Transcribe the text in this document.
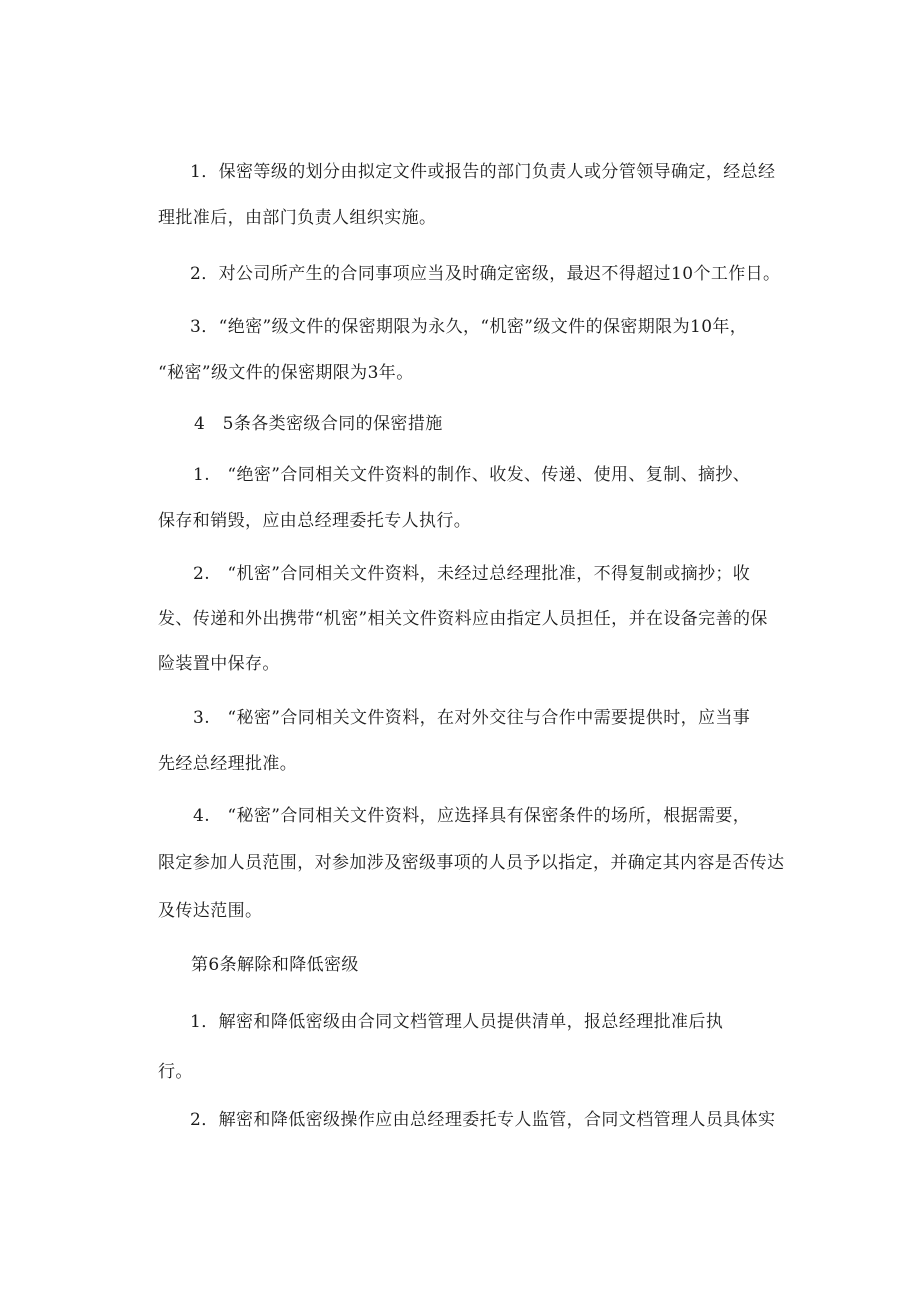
1．保密等级的划分由拟定文件或报告的部门负责人或分管领导确定，经总经
理批准后，由部门负责人组织实施。
2．对公司所产生的合同事项应当及时确定密级，最迟不得超过10个工作日。
3．“绝密”级文件的保密期限为永久，“机密”级文件的保密期限为10年，
“秘密”级文件的保密期限为3年。
4　5条各类密级合同的保密措施
1.　“绝密”合同相关文件资料的制作、收发、传递、使用、复制、摘抄、
保存和销毁，应由总经理委托专人执行。
2.　“机密”合同相关文件资料，未经过总经理批准，不得复制或摘抄；收
发、传递和外出携带“机密”相关文件资料应由指定人员担任，并在设备完善的保
险装置中保存。
3.　“秘密”合同相关文件资料，在对外交往与合作中需要提供时，应当事
先经总经理批准。
4.　“秘密”合同相关文件资料，应选择具有保密条件的场所，根据需要，
限定参加人员范围，对参加涉及密级事项的人员予以指定，并确定其内容是否传达
及传达范围。
第6条解除和降低密级
1．解密和降低密级由合同文档管理人员提供清单，报总经理批准后执
行。
2．解密和降低密级操作应由总经理委托专人监管，合同文档管理人员具体实
